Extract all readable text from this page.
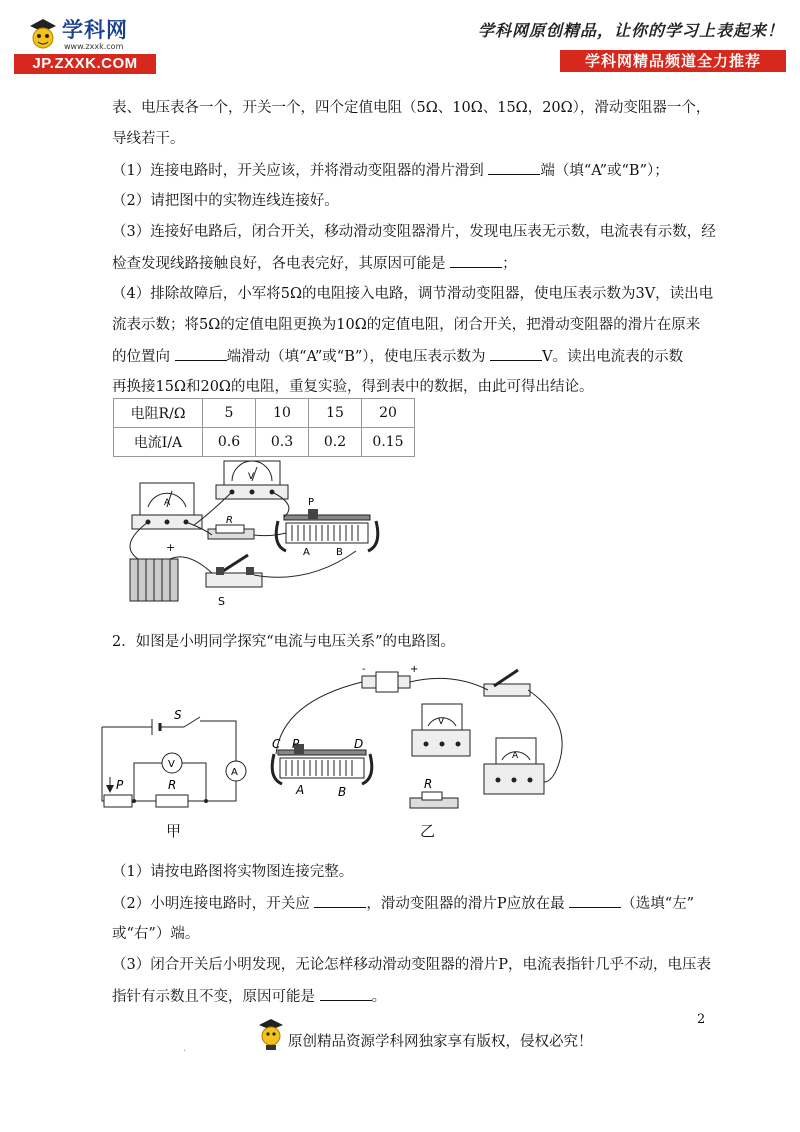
学科网
www.zxxk.com
JP.ZXXK.COM
学科网原创精品，让你的学习上表起来！
学科网精品频道全力推荐
表、电压表各一个，开关一个，四个定值电阻（5Ω、10Ω、15Ω，20Ω），滑动变阻器一个，
导线若干。
（1）连接电路时，开关应该，并将滑动变阻器的滑片滑到	端（填“A”或“B”）；
（2）请把图中的实物连线连接好。
（3）连接好电路后，闭合开关，移动滑动变阻器滑片，发现电压表无示数，电流表有示数，经
检查发现线路接触良好，各电表完好，其原因可能是	；
（4）排除故障后，小军将5Ω的电阻接入电路，调节滑动变阻器，使电压表示数为3V，读出电
流表示数；将5Ω的定值电阻更换为10Ω的定值电阻，闭合开关，把滑动变阻器的滑片在原来
的位置向	端滑动（填“A”或“B”），使电压表示数为	V。读出电流表的示数
再换接15Ω和20Ω的电阻，重复实验，得到表中的数据，由此可得出结论。
电阻R/Ω	5	10	15	20
电流I/A	0.6	0.3	0.2	0.15
A
V
R
P
A	B
+
S
2．如图是小明同学探究“电流与电压关系”的电路图。
S
A
V
R
P
甲
-	+
C P	D
A	B
V
A
R
乙
（1）请按电路图将实物图连接完整。
（2）小明连接电路时，开关应	，滑动变阻器的滑片P应放在最	（选填“左”
或“右”）端。
（3）闭合开关后小明发现，无论怎样移动滑动变阻器的滑片P，电流表指针几乎不动，电压表
指针有示数且不变，原因可能是	。
2
原创精品资源学科网独家享有版权，侵权必究！
.
